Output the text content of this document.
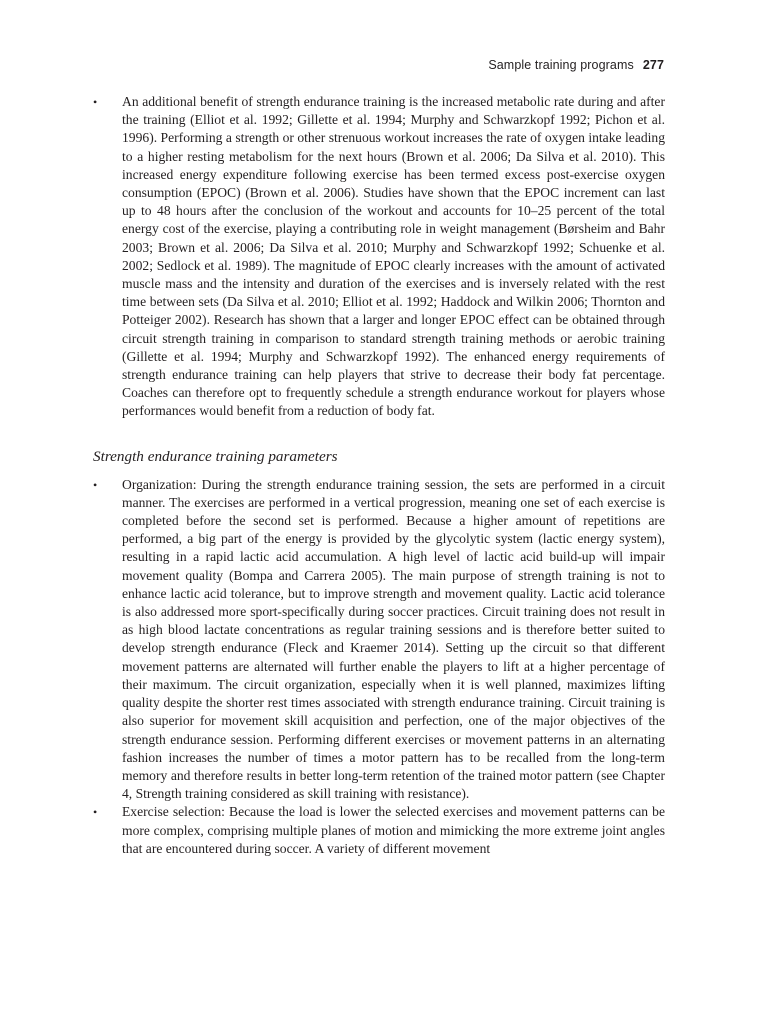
Sample training programs 277
• An additional benefit of strength endurance training is the increased metabolic rate during and after the training (Elliot et al. 1992; Gillette et al. 1994; Murphy and Schwarzkopf 1992; Pichon et al. 1996). Performing a strength or other strenuous workout increases the rate of oxygen intake leading to a higher resting metabolism for the next hours (Brown et al. 2006; Da Silva et al. 2010). This increased energy expenditure following exercise has been termed excess post-exercise oxygen consumption (EPOC) (Brown et al. 2006). Studies have shown that the EPOC increment can last up to 48 hours after the conclusion of the workout and accounts for 10–25 percent of the total energy cost of the exercise, playing a contributing role in weight management (Børsheim and Bahr 2003; Brown et al. 2006; Da Silva et al. 2010; Murphy and Schwarzkopf 1992; Schuenke et al. 2002; Sedlock et al. 1989). The magnitude of EPOC clearly increases with the amount of activated muscle mass and the intensity and duration of the exercises and is inversely related with the rest time between sets (Da Silva et al. 2010; Elliot et al. 1992; Haddock and Wilkin 2006; Thornton and Potteiger 2002). Research has shown that a larger and longer EPOC effect can be obtained through circuit strength training in comparison to standard strength training methods or aerobic training (Gillette et al. 1994; Murphy and Schwarzkopf 1992). The enhanced energy requirements of strength endurance training can help players that strive to decrease their body fat percentage. Coaches can therefore opt to frequently schedule a strength endurance workout for players whose performances would benefit from a reduction of body fat.
Strength endurance training parameters
• Organization: During the strength endurance training session, the sets are performed in a circuit manner. The exercises are performed in a vertical progression, meaning one set of each exercise is completed before the second set is performed. Because a higher amount of repetitions are performed, a big part of the energy is provided by the glycolytic system (lactic energy system), resulting in a rapid lactic acid accumulation. A high level of lactic acid build-up will impair movement quality (Bompa and Carrera 2005). The main purpose of strength training is not to enhance lactic acid tolerance, but to improve strength and movement quality. Lactic acid tolerance is also addressed more sport-specifically during soccer practices. Circuit training does not result in as high blood lactate concentrations as regular training sessions and is therefore better suited to develop strength endurance (Fleck and Kraemer 2014). Setting up the circuit so that different movement patterns are alternated will further enable the players to lift at a higher percentage of their maximum. The circuit organization, especially when it is well planned, maximizes lifting quality despite the shorter rest times associated with strength endurance training. Circuit training is also superior for movement skill acquisition and perfection, one of the major objectives of the strength endurance session. Performing different exercises or movement patterns in an alternating fashion increases the number of times a motor pattern has to be recalled from the long-term memory and therefore results in better long-term retention of the trained motor pattern (see Chapter 4, Strength training considered as skill training with resistance).
• Exercise selection: Because the load is lower the selected exercises and movement patterns can be more complex, comprising multiple planes of motion and mimicking the more extreme joint angles that are encountered during soccer. A variety of different movement
